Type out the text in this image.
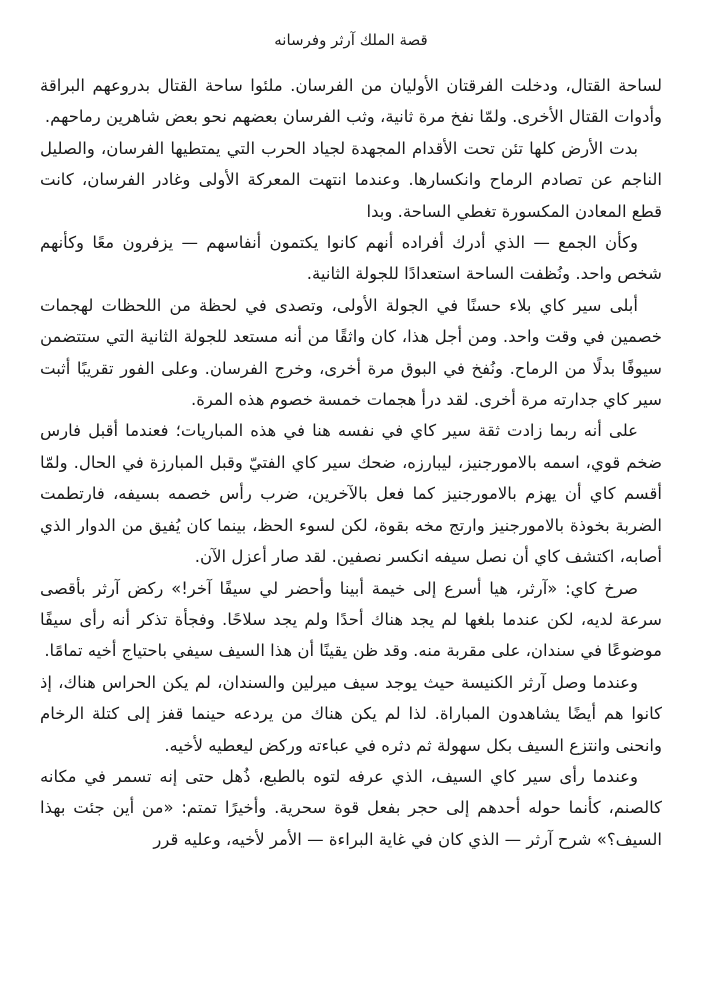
قصة الملك آرثر وفرسانه

لساحة القتال، ودخلت الفرقتان الأوليان من الفرسان. ملئوا ساحة القتال بدروعهم البراقة وأدوات القتال الأخرى. ولمّا نفخ مرة ثانية، وثب الفرسان بعضهم نحو بعض شاهرين رماحهم.

بدت الأرض كلها تئن تحت الأقدام المجهدة لجياد الحرب التي يمتطيها الفرسان، والصليل الناجم عن تصادم الرماح وانكسارها. وعندما انتهت المعركة الأولى وغادر الفرسان، كانت قطع المعادن المكسورة تغطي الساحة. وبدا

وكأن الجمع — الذي أدرك أفراده أنهم كانوا يكتمون أنفاسهم — يزفرون معًا وكأنهم شخص واحد. ونُظفت الساحة استعدادًا للجولة الثانية.

أبلى سير كاي بلاء حسنًا في الجولة الأولى، وتصدى في لحظة من اللحظات لهجمات خصمين في وقت واحد. ومن أجل هذا، كان واثقًا من أنه مستعد للجولة الثانية التي ستتضمن سيوفًا بدلًا من الرماح. ونُفخ في البوق مرة أخرى، وخرج الفرسان. وعلى الفور تقريبًا أثبت سير كاي جدارته مرة أخرى. لقد درأ هجمات خمسة خصوم هذه المرة.

على أنه ربما زادت ثقة سير كاي في نفسه هنا في هذه المباريات؛ فعندما أقبل فارس ضخم قوي، اسمه بالامورجنيز، ليبارزه، ضحك سير كاي الفتيّ وقبل المبارزة في الحال. ولمّا أقسم كاي أن يهزم بالامورجنيز كما فعل بالآخرين، ضرب رأس خصمه بسيفه، فارتطمت الضربة بخوذة بالامورجنيز وارتج مخه بقوة، لكن لسوء الحظ، بينما كان يُفيق من الدوار الذي أصابه، اكتشف كاي أن نصل سيفه انكسر نصفين. لقد صار أعزل الآن.

صرخ كاي: «آرثر، هيا أسرع إلى خيمة أبينا وأحضر لي سيفًا آخر!» ركض آرثر بأقصى سرعة لديه، لكن عندما بلغها لم يجد هناك أحدًا ولم يجد سلاحًا. وفجأة تذكر أنه رأى سيفًا موضوعًا في سندان، على مقربة منه. وقد ظن يقينًا أن هذا السيف سيفي باحتياج أخيه تمامًا.

وعندما وصل آرثر الكنيسة حيث يوجد سيف ميرلين والسندان، لم يكن الحراس هناك، إذ كانوا هم أيضًا يشاهدون المباراة. لذا لم يكن هناك من يردعه حينما قفز إلى كتلة الرخام وانحنى وانتزع السيف بكل سهولة ثم دثره في عباءته وركض ليعطيه لأخيه.

وعندما رأى سير كاي السيف، الذي عرفه لتوه بالطبع، ذُهل حتى إنه تسمر في مكانه كالصنم، كأنما حوله أحدهم إلى حجر بفعل قوة سحرية. وأخيرًا تمتم: «من أين جئت بهذا السيف؟» شرح آرثر — الذي كان في غاية البراءة — الأمر لأخيه، وعليه قرر
